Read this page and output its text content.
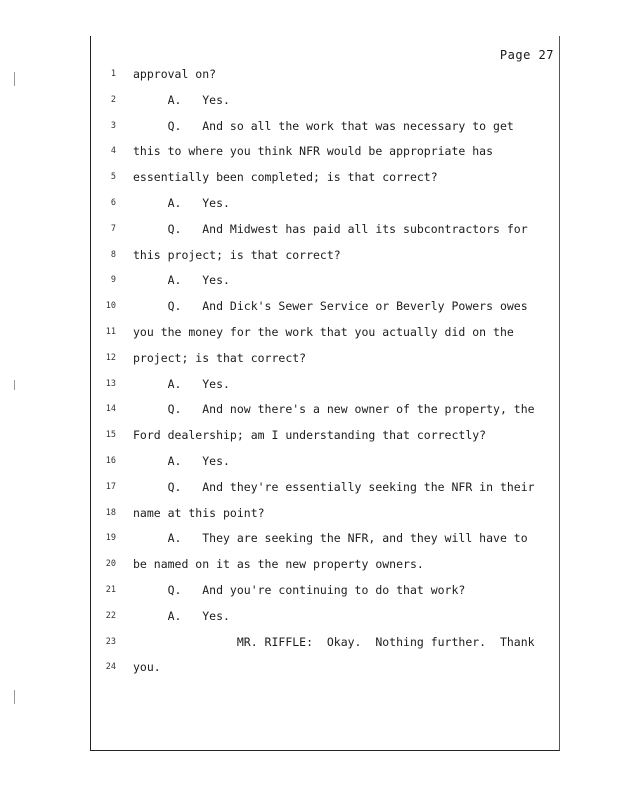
Page 27
1 approval on?
2 A.   Yes.
3 Q.   And so all the work that was necessary to get
4 this to where you think NFR would be appropriate has
5 essentially been completed; is that correct?
6 A.   Yes.
7 Q.   And Midwest has paid all its subcontractors for
8 this project; is that correct?
9 A.   Yes.
10 Q.   And Dick's Sewer Service or Beverly Powers owes
11 you the money for the work that you actually did on the
12 project; is that correct?
13 A.   Yes.
14 Q.   And now there's a new owner of the property, the
15 Ford dealership; am I understanding that correctly?
16 A.   Yes.
17 Q.   And they're essentially seeking the NFR in their
18 name at this point?
19 A.   They are seeking the NFR, and they will have to
20 be named on it as the new property owners.
21 Q.   And you're continuing to do that work?
22 A.   Yes.
23 MR. RIFFLE:  Okay.  Nothing further.  Thank
24 you.
